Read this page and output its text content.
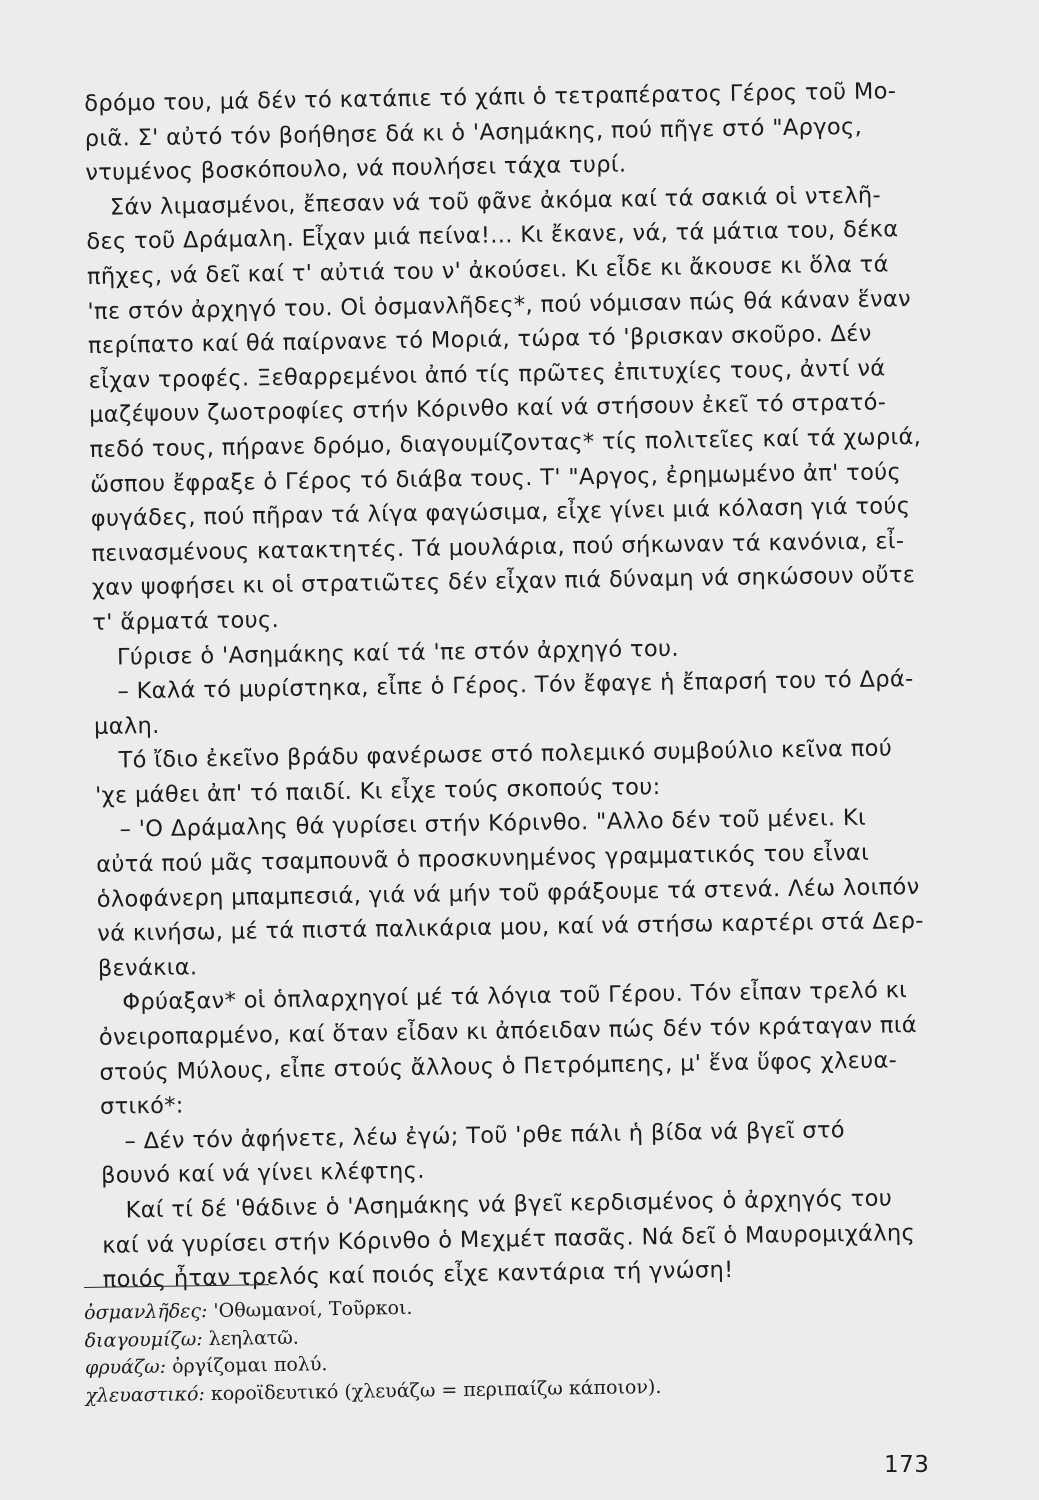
δρόμο του, μά δέν τό κατάπιε τό χάπι ὁ τετραπέρατος Γέρος τοῦ Μο-
ριᾶ. Σ' αὐτό τόν βοήθησε δά κι ὁ 'Ασημάκης, πού πῆγε στό "Αργος,
ντυμένος βοσκόπουλο, νά πουλήσει τάχα τυρί.
Σάν λιμασμένοι, ἔπεσαν νά τοῦ φᾶνε ἀκόμα καί τά σακιά οἱ ντελῆ-
δες τοῦ Δράμαλη. Εἶχαν μιά πείνα!... Κι ἔκανε, νά, τά μάτια του, δέκα
πῆχες, νά δεῖ καί τ' αὐτιά του ν' ἀκούσει. Κι εἶδε κι ἄκουσε κι ὅλα τά
'πε στόν ἀρχηγό του. Οἱ ὀσμανλῆδες*, πού νόμισαν πώς θά κάναν ἕναν
περίπατο καί θά παίρνανε τό Μοριά, τώρα τό 'βρισκαν σκοῦρο. Δέν
εἶχαν τροφές. Ξεθαρρεμένοι ἀπό τίς πρῶτες ἐπιτυχίες τους, ἀντί νά
μαζέψουν ζωοτροφίες στήν Κόρινθο καί νά στήσουν ἐκεῖ τό στρατό-
πεδό τους, πήρανε δρόμο, διαγουμίζοντας* τίς πολιτεῖες καί τά χωριά,
ὥσπου ἔφραξε ὁ Γέρος τό διάβα τους. Τ' "Αργος, ἐρημωμένο ἀπ' τούς
φυγάδες, πού πῆραν τά λίγα φαγώσιμα, εἶχε γίνει μιά κόλαση γιά τούς
πεινασμένους κατακτητές. Τά μουλάρια, πού σήκωναν τά κανόνια, εἶ-
χαν ψοφήσει κι οἱ στρατιῶτες δέν εἶχαν πιά δύναμη νά σηκώσουν οὔτε
τ' ἅρματά τους.
Γύρισε ὁ 'Ασημάκης καί τά 'πε στόν ἀρχηγό του.
– Καλά τό μυρίστηκα, εἶπε ὁ Γέρος. Τόν ἔφαγε ἡ ἔπαρσή του τό Δρά-
μαλη.
Τό ἴδιο ἐκεῖνο βράδυ φανέρωσε στό πολεμικό συμβούλιο κεῖνα πού
'χε μάθει ἀπ' τό παιδί. Κι εἶχε τούς σκοπούς του:
– 'Ο Δράμαλης θά γυρίσει στήν Κόρινθο. "Αλλο δέν τοῦ μένει. Κι
αὐτά πού μᾶς τσαμπουνᾶ ὁ προσκυνημένος γραμματικός του εἶναι
ὁλοφάνερη μπαμπεσιά, γιά νά μήν τοῦ φράξουμε τά στενά. Λέω λοιπόν
νά κινήσω, μέ τά πιστά παλικάρια μου, καί νά στήσω καρτέρι στά Δερ-
βενάκια.
Φρύαξαν* οἱ ὁπλαρχηγοί μέ τά λόγια τοῦ Γέρου. Τόν εἶπαν τρελό κι
ὀνειροπαρμένο, καί ὅταν εἶδαν κι ἀπόειδαν πώς δέν τόν κράταγαν πιά
στούς Μύλους, εἶπε στούς ἄλλους ὁ Πετρόμπεης, μ' ἕνα ὕφος χλευα-
στικό*:
– Δέν τόν ἀφήνετε, λέω ἐγώ; Τοῦ 'ρθε πάλι ἡ βίδα νά βγεῖ στό
βουνό καί νά γίνει κλέφτης.
Καί τί δέ 'θάδινε ὁ 'Ασημάκης νά βγεῖ κερδισμένος ὁ ἀρχηγός του
καί νά γυρίσει στήν Κόρινθο ὁ Μεχμέτ πασᾶς. Νά δεῖ ὁ Μαυρομιχάλης
ποιός ἦταν τρελός καί ποιός εἶχε καντάρια τή γνώση!
ὀσμανλῆδες: 'Οθωμανοί, Τοῦρκοι.
διαγουμίζω: λεηλατῶ.
φρυάζω: ὀργίζομαι πολύ.
χλευαστικό: κοροϊδευτικό (χλευάζω = περιπαίζω κάποιον).
173
